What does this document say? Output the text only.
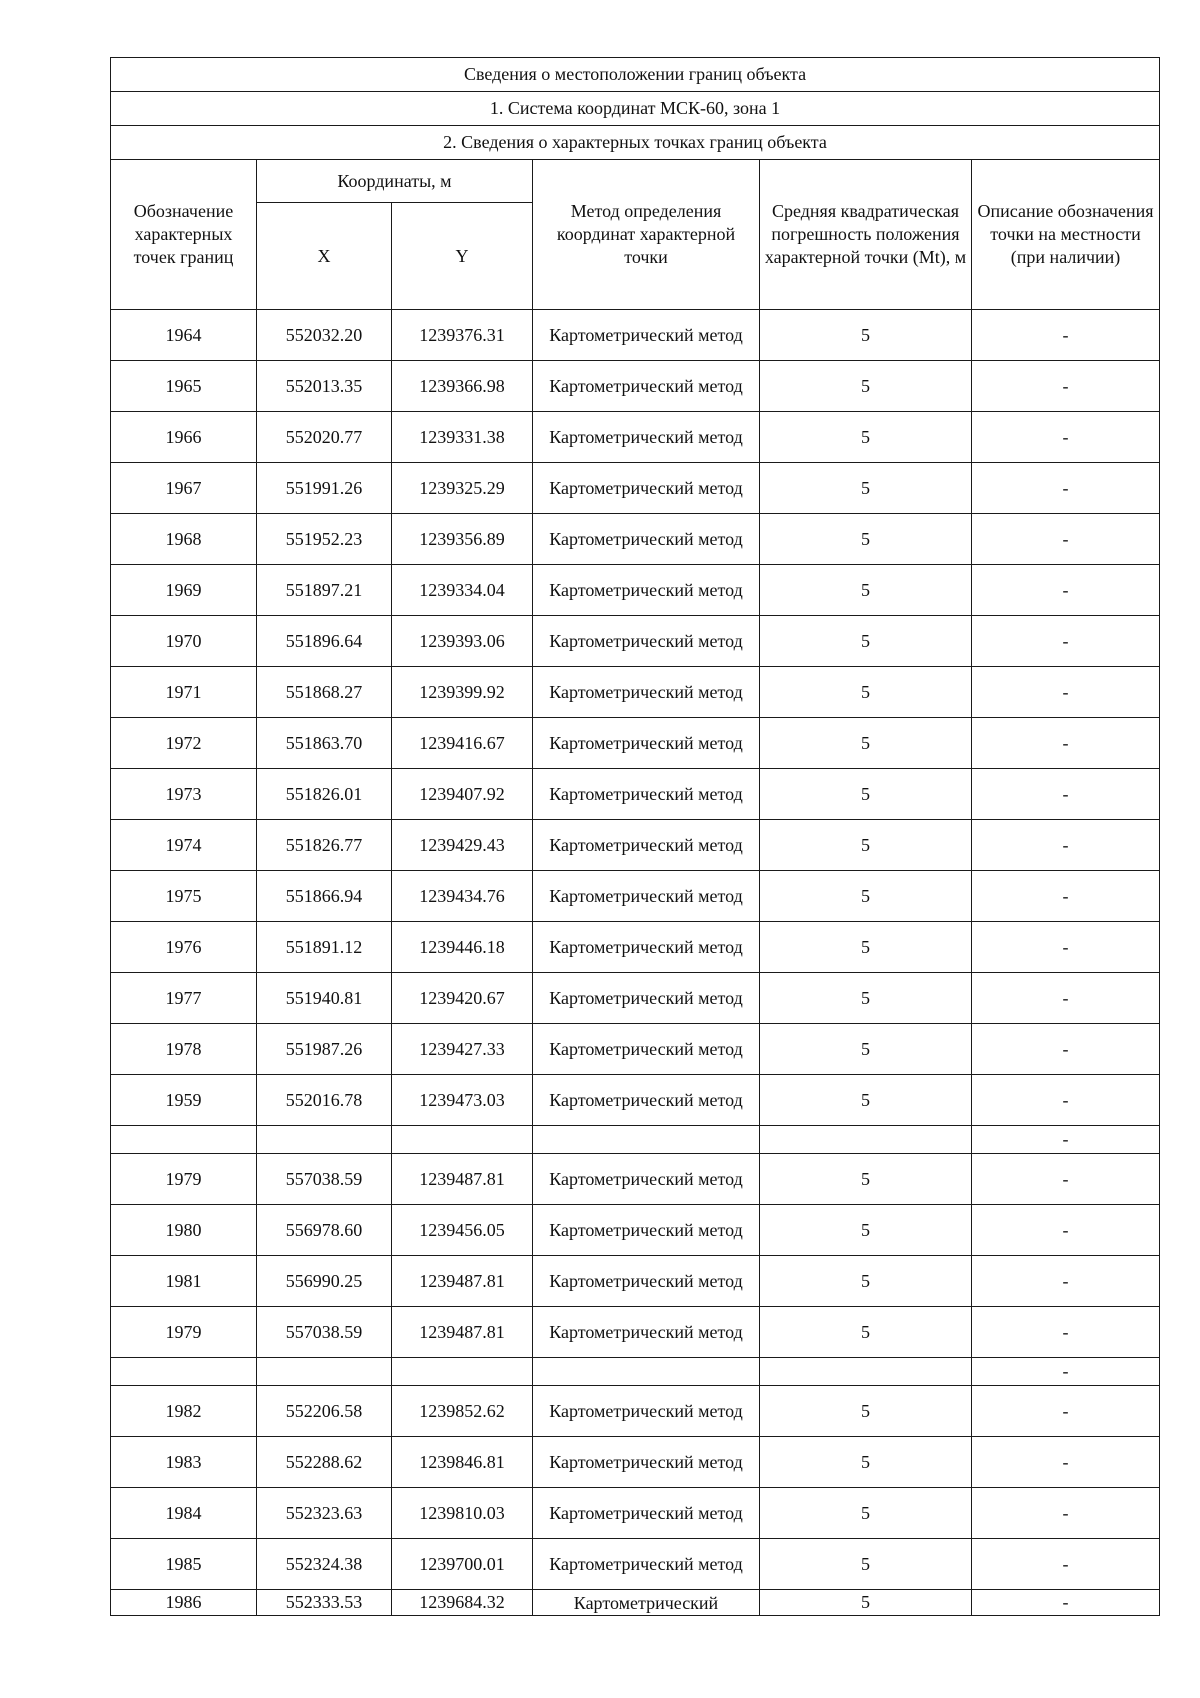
Сведения о местоположении границ объекта					
1. Система координат МСК-60, зона 1					
2. Сведения о характерных точках границ объекта					
Обозначение характерных точек границ	Координаты, м		Метод определения координат характерной точки	Средняя квадратическая погрешность положения характерной точки (Mt), м	Описание обозначения точки на местности (при наличии)
	X	Y			
1964	552032.20	1239376.31	Картометрический метод	5	-
1965	552013.35	1239366.98	Картометрический метод	5	-
1966	552020.77	1239331.38	Картометрический метод	5	-
1967	551991.26	1239325.29	Картометрический метод	5	-
1968	551952.23	1239356.89	Картометрический метод	5	-
1969	551897.21	1239334.04	Картометрический метод	5	-
1970	551896.64	1239393.06	Картометрический метод	5	-
1971	551868.27	1239399.92	Картометрический метод	5	-
1972	551863.70	1239416.67	Картометрический метод	5	-
1973	551826.01	1239407.92	Картометрический метод	5	-
1974	551826.77	1239429.43	Картометрический метод	5	-
1975	551866.94	1239434.76	Картометрический метод	5	-
1976	551891.12	1239446.18	Картометрический метод	5	-
1977	551940.81	1239420.67	Картометрический метод	5	-
1978	551987.26	1239427.33	Картометрический метод	5	-
1959	552016.78	1239473.03	Картометрический метод	5	-
					-
1979	557038.59	1239487.81	Картометрический метод	5	-
1980	556978.60	1239456.05	Картометрический метод	5	-
1981	556990.25	1239487.81	Картометрический метод	5	-
1979	557038.59	1239487.81	Картометрический метод	5	-
					-
1982	552206.58	1239852.62	Картометрический метод	5	-
1983	552288.62	1239846.81	Картометрический метод	5	-
1984	552323.63	1239810.03	Картометрический метод	5	-
1985	552324.38	1239700.01	Картометрический метод	5	-
1986	552333.53	1239684.32	Картометрический	5	-
